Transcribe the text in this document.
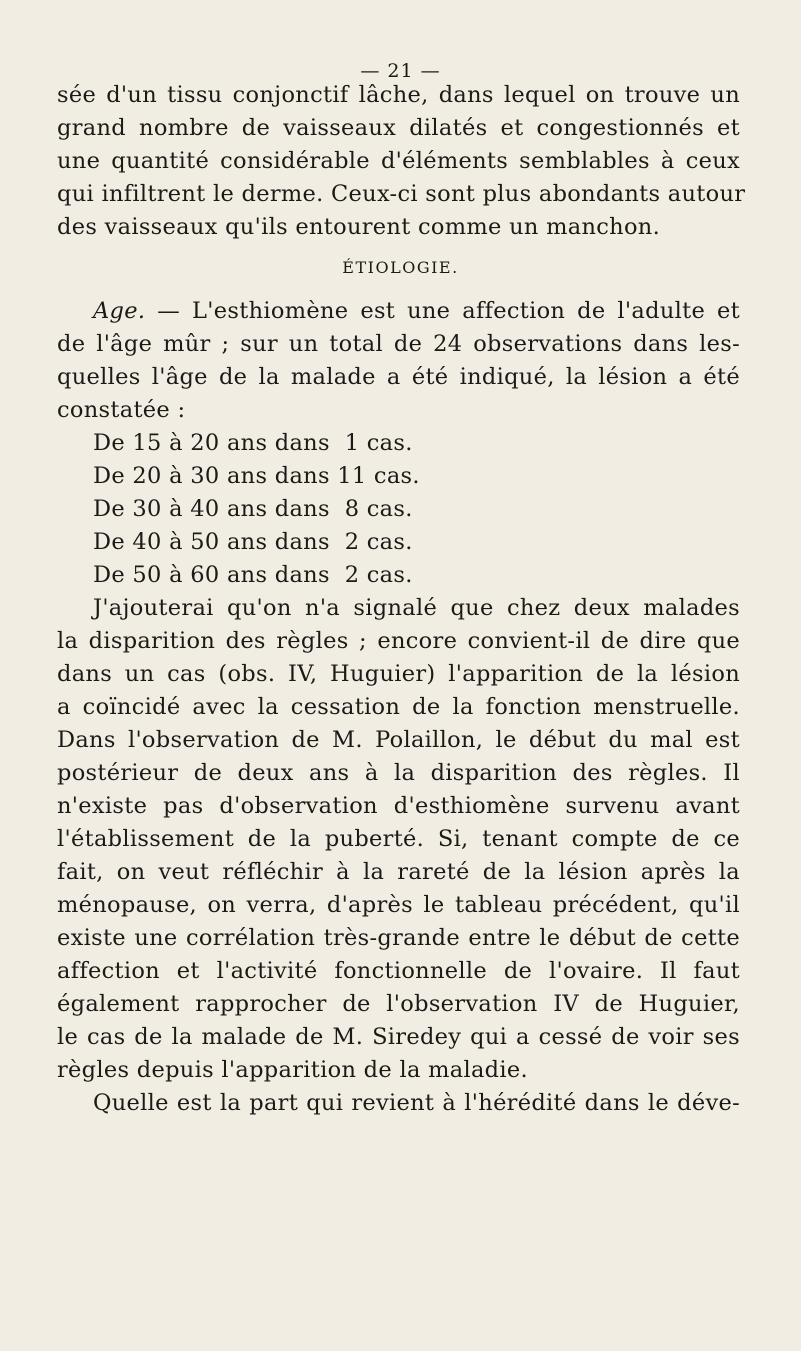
— 21 —
sée d'un tissu conjonctif lâche, dans lequel on trouve un
grand nombre de vaisseaux dilatés et congestionnés et
une quantité considérable d'éléments semblables à ceux
qui infiltrent le derme. Ceux-ci sont plus abondants autour
des vaisseaux qu'ils entourent comme un manchon.
ÉTIOLOGIE.
Age. — L'esthiomène est une affection de l'adulte et
de l'âge mûr ; sur un total de 24 observations dans les-
quelles l'âge de la malade a été indiqué, la lésion a été
constatée :
De 15 à 20 ans dans  1 cas.
De 20 à 30 ans dans 11 cas.
De 30 à 40 ans dans  8 cas.
De 40 à 50 ans dans  2 cas.
De 50 à 60 ans dans  2 cas.
J'ajouterai qu'on n'a signalé que chez deux malades
la disparition des règles ; encore convient-il de dire que
dans un cas (obs. IV, Huguier) l'apparition de la lésion
a coïncidé avec la cessation de la fonction menstruelle.
Dans l'observation de M. Polaillon, le début du mal est
postérieur de deux ans à la disparition des règles. Il
n'existe pas d'observation d'esthiomène survenu avant
l'établissement de la puberté. Si, tenant compte de ce
fait, on veut réfléchir à la rareté de la lésion après la
ménopause, on verra, d'après le tableau précédent, qu'il
existe une corrélation très-grande entre le début de cette
affection et l'activité fonctionnelle de l'ovaire. Il faut
également rapprocher de l'observation IV de Huguier,
le cas de la malade de M. Siredey qui a cessé de voir ses
règles depuis l'apparition de la maladie.
Quelle est la part qui revient à l'hérédité dans le déve-
